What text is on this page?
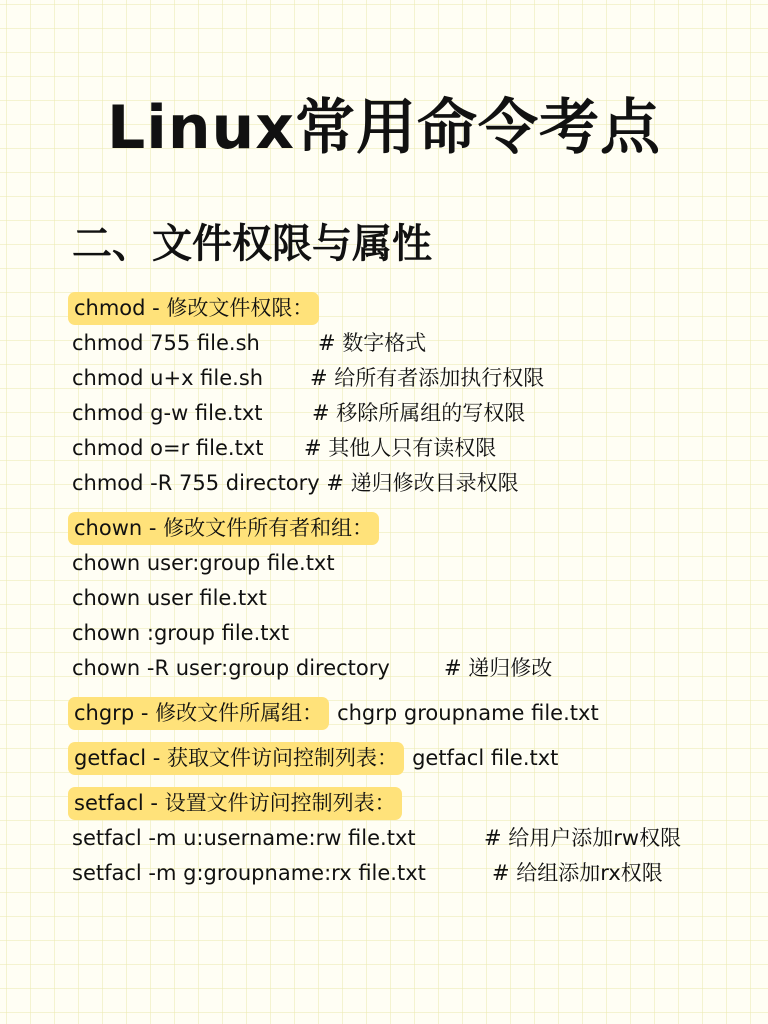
Linux常用命令考点
二、文件权限与属性
chmod - 修改文件权限：
chmod 755 file.sh	# 数字格式
chmod u+x file.sh # 给所有者添加执行权限
chmod g-w file.txt # 移除所属组的写权限
chmod o=r file.txt # 其他人只有读权限
chmod -R 755 directory # 递归修改目录权限
chown - 修改文件所有者和组：
chown user:group file.txt
chown user file.txt
chown :group file.txt
chown -R user:group directory	# 递归修改
chgrp - 修改文件所属组： chgrp groupname file.txt
getfacl - 获取文件访问控制列表： getfacl file.txt
setfacl - 设置文件访问控制列表：
setfacl -m u:username:rw file.txt	# 给用户添加rw权限
setfacl -m g:groupname:rx file.txt	# 给组添加rx权限
